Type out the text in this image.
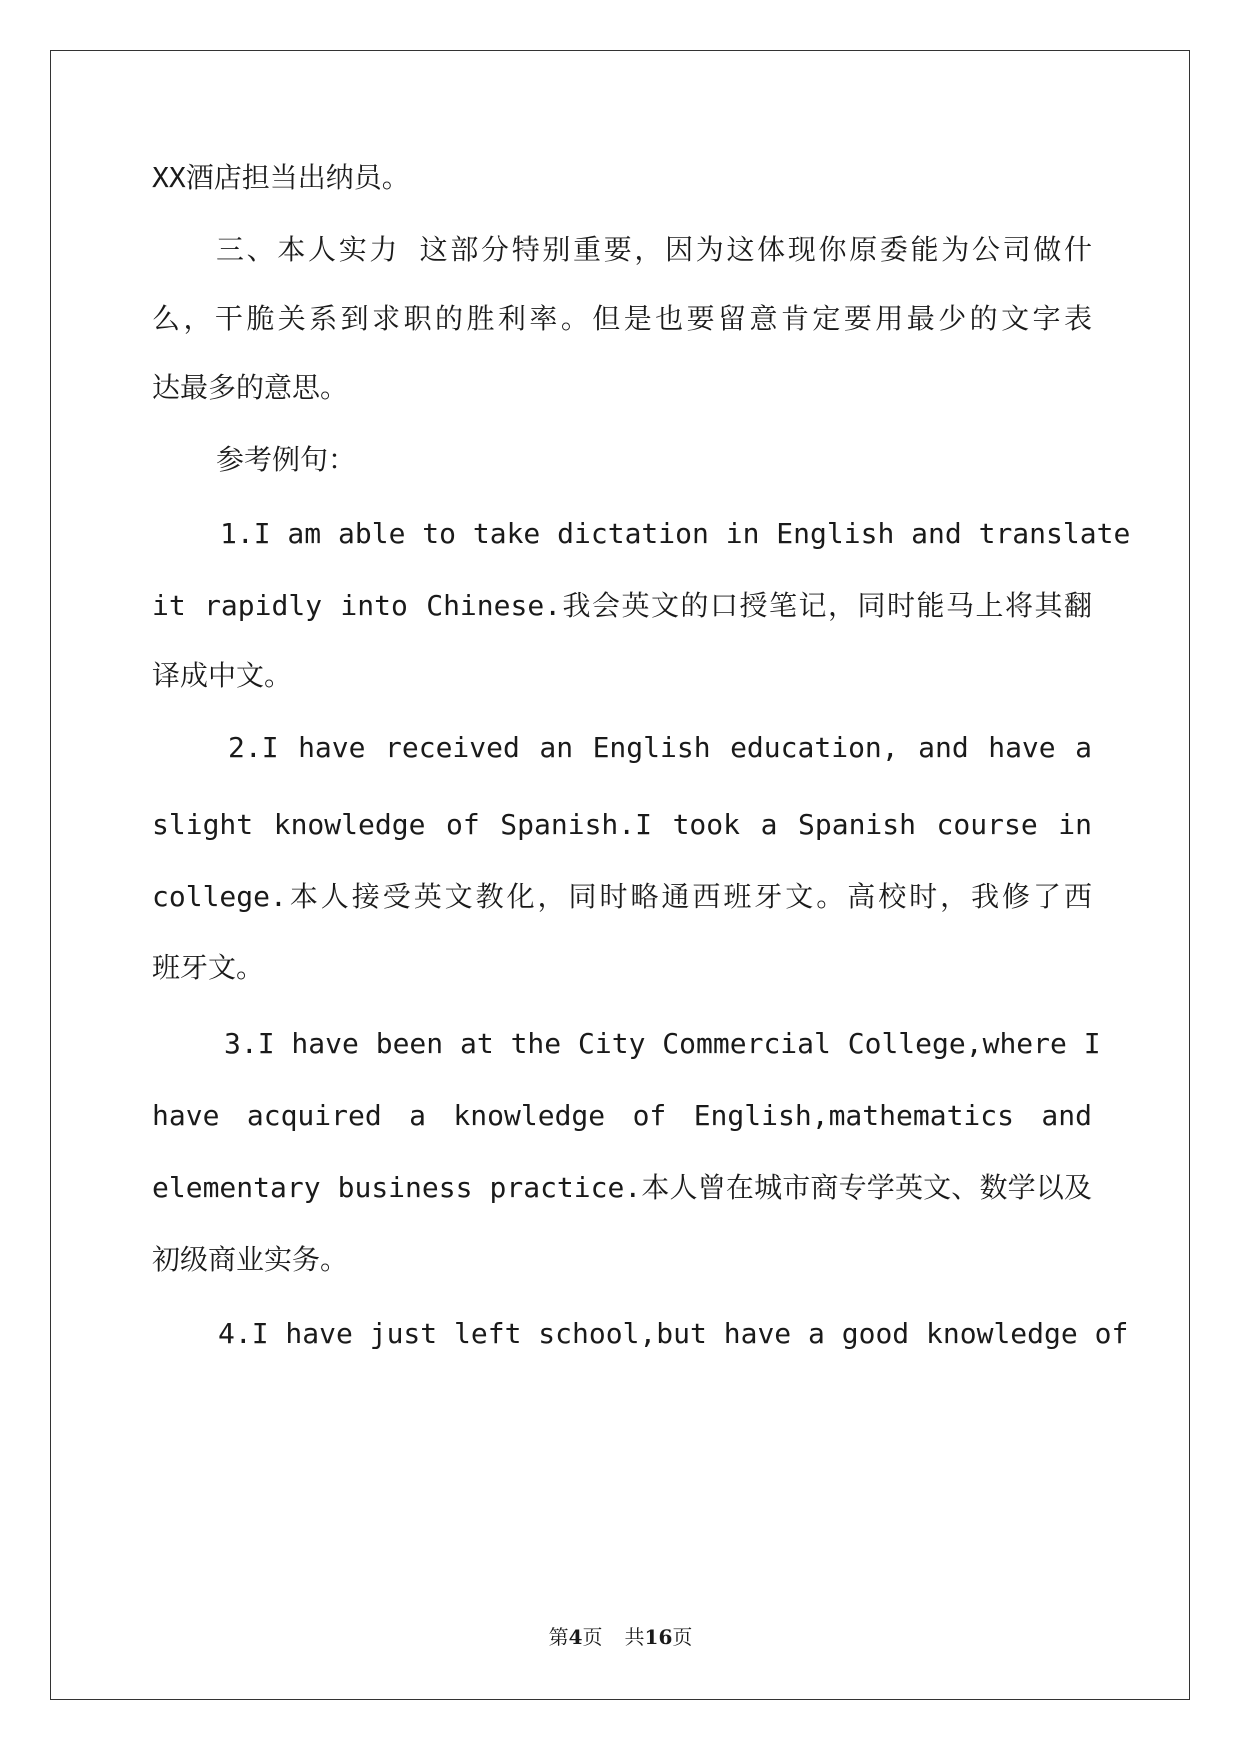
XX酒店担当出纳员。
三、本人实力 这部分特别重要，因为这体现你原委能为公司做什
么，干脆关系到求职的胜利率。但是也要留意肯定要用最少的文字表
达最多的意思。
参考例句：
1.I am able to take dictation in English and translate
it rapidly into Chinese.我会英文的口授笔记，同时能马上将其翻
译成中文。
2.I have received an English education, and have a
slight knowledge of Spanish.I took a Spanish course in
college.本人接受英文教化，同时略通西班牙文。高校时，我修了西
班牙文。
3.I have been at the City Commercial College,where I
have acquired a knowledge of English,mathematics and
elementary business practice.本人曾在城市商专学英文、数学以及
初级商业实务。
4.I have just left school,but have a good knowledge of
第4页 共16页
